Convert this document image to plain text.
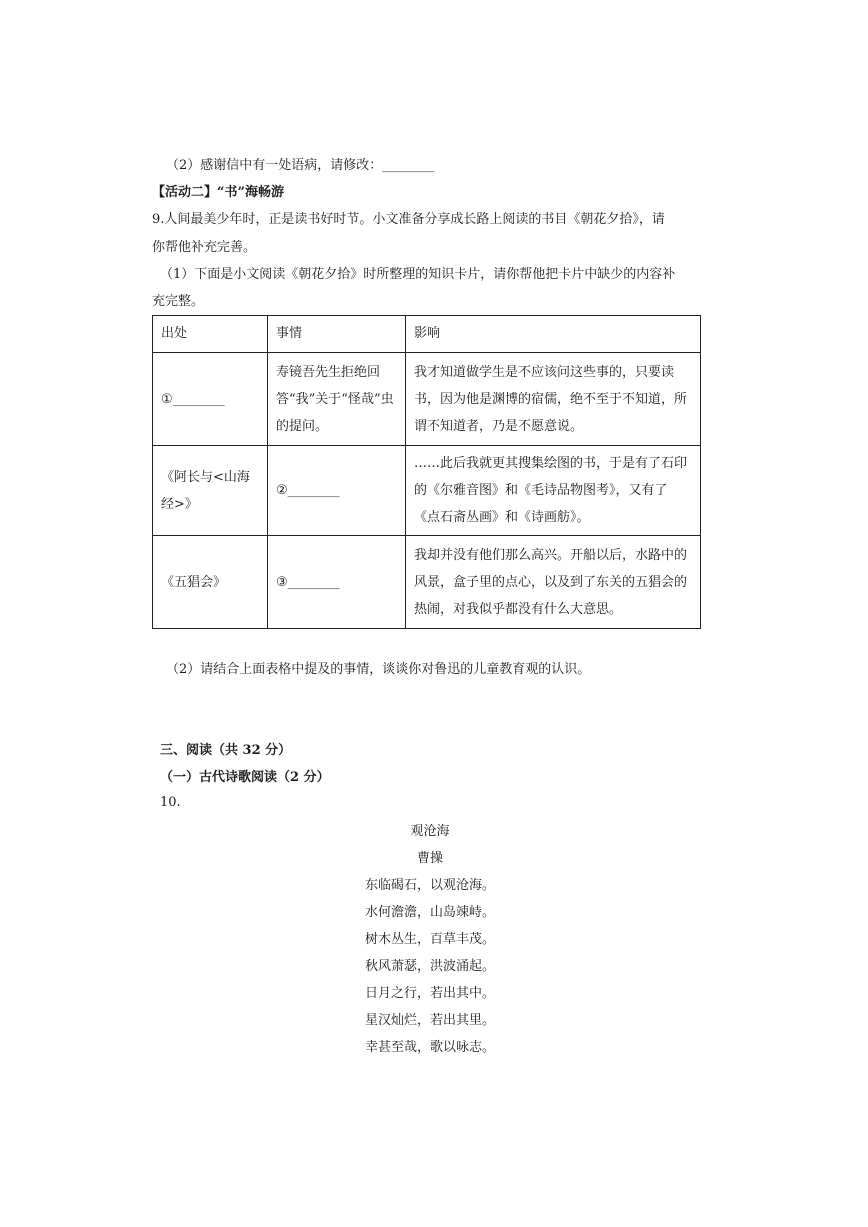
（2）感谢信中有一处语病，请修改：________
【活动二】“书”海畅游
9.人间最美少年时，正是读书好时节。小文准备分享成长路上阅读的书目《朝花夕拾》，请
你帮他补充完善。
（1）下面是小文阅读《朝花夕拾》时所整理的知识卡片，请你帮他把卡片中缺少的内容补
充完整。
出处	事情	影响
①________	寿镜吾先生拒绝回答“我”关于“怪哉”虫的提问。	我才知道做学生是不应该问这些事的，只要读书，因为他是渊博的宿儒，绝不至于不知道，所谓不知道者，乃是不愿意说。
《阿长与<山海经>》	②________	……此后我就更其搜集绘图的书，于是有了石印的《尔雅音图》和《毛诗品物图考》，又有了《点石斋丛画》和《诗画舫》。
《五猖会》	③________	我却并没有他们那么高兴。开船以后，水路中的风景，盒子里的点心，以及到了东关的五猖会的热闹，对我似乎都没有什么大意思。
（2）请结合上面表格中提及的事情，谈谈你对鲁迅的儿童教育观的认识。
三、阅读（共 32 分）
（一）古代诗歌阅读（2 分）
10.
观沧海
曹操
东临碣石，以观沧海。
水何澹澹，山岛竦峙。
树木丛生，百草丰茂。
秋风萧瑟，洪波涌起。
日月之行，若出其中。
星汉灿烂，若出其里。
幸甚至哉，歌以咏志。
